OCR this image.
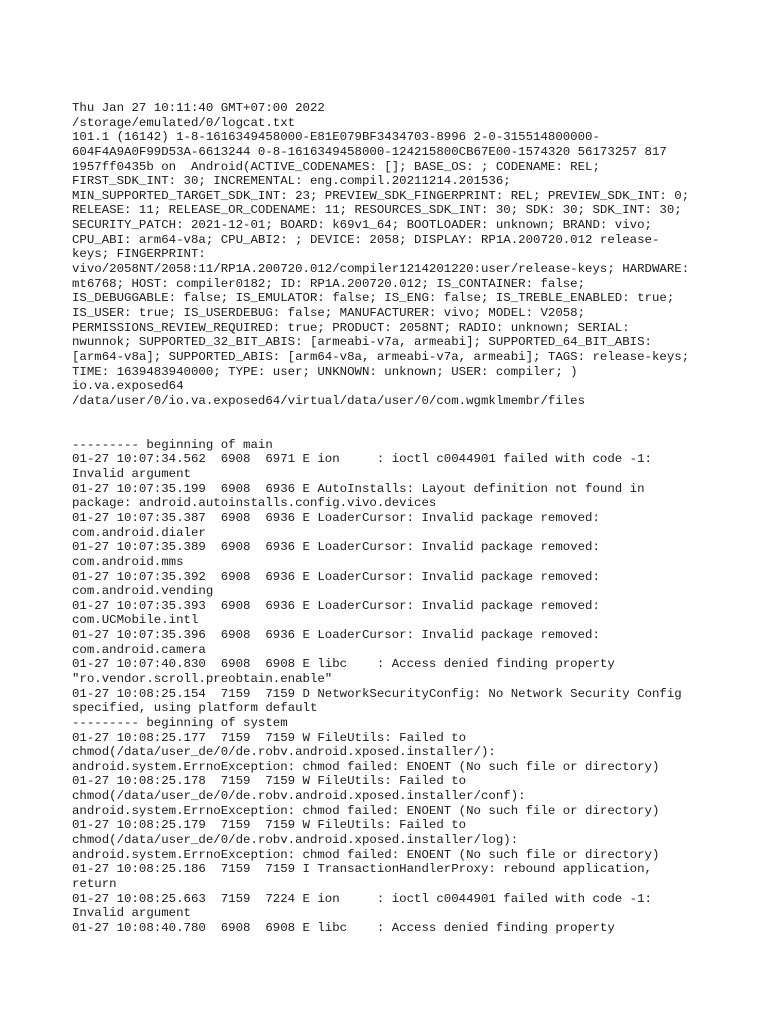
Thu Jan 27 10:11:40 GMT+07:00 2022
/storage/emulated/0/logcat.txt
101.1 (16142) 1-8-1616349458000-E81E079BF3434703-8996 2-0-315514800000-
604F4A9A0F99D53A-6613244 0-8-1616349458000-124215800CB67E00-1574320 56173257 817
1957ff0435b on  Android(ACTIVE_CODENAMES: []; BASE_OS: ; CODENAME: REL;
FIRST_SDK_INT: 30; INCREMENTAL: eng.compil.20211214.201536;
MIN_SUPPORTED_TARGET_SDK_INT: 23; PREVIEW_SDK_FINGERPRINT: REL; PREVIEW_SDK_INT: 0;
RELEASE: 11; RELEASE_OR_CODENAME: 11; RESOURCES_SDK_INT: 30; SDK: 30; SDK_INT: 30;
SECURITY_PATCH: 2021-12-01; BOARD: k69v1_64; BOOTLOADER: unknown; BRAND: vivo;
CPU_ABI: arm64-v8a; CPU_ABI2: ; DEVICE: 2058; DISPLAY: RP1A.200720.012 release-
keys; FINGERPRINT:
vivo/2058NT/2058:11/RP1A.200720.012/compiler1214201220:user/release-keys; HARDWARE:
mt6768; HOST: compiler0182; ID: RP1A.200720.012; IS_CONTAINER: false;
IS_DEBUGGABLE: false; IS_EMULATOR: false; IS_ENG: false; IS_TREBLE_ENABLED: true;
IS_USER: true; IS_USERDEBUG: false; MANUFACTURER: vivo; MODEL: V2058;
PERMISSIONS_REVIEW_REQUIRED: true; PRODUCT: 2058NT; RADIO: unknown; SERIAL:
nwunnok; SUPPORTED_32_BIT_ABIS: [armeabi-v7a, armeabi]; SUPPORTED_64_BIT_ABIS:
[arm64-v8a]; SUPPORTED_ABIS: [arm64-v8a, armeabi-v7a, armeabi]; TAGS: release-keys;
TIME: 1639483940000; TYPE: user; UNKNOWN: unknown; USER: compiler; )
io.va.exposed64
/data/user/0/io.va.exposed64/virtual/data/user/0/com.wgmklmembr/files
--------- beginning of main
01-27 10:07:34.562  6908  6971 E ion     : ioctl c0044901 failed with code -1:
Invalid argument
01-27 10:07:35.199  6908  6936 E AutoInstalls: Layout definition not found in
package: android.autoinstalls.config.vivo.devices
01-27 10:07:35.387  6908  6936 E LoaderCursor: Invalid package removed:
com.android.dialer
01-27 10:07:35.389  6908  6936 E LoaderCursor: Invalid package removed:
com.android.mms
01-27 10:07:35.392  6908  6936 E LoaderCursor: Invalid package removed:
com.android.vending
01-27 10:07:35.393  6908  6936 E LoaderCursor: Invalid package removed:
com.UCMobile.intl
01-27 10:07:35.396  6908  6936 E LoaderCursor: Invalid package removed:
com.android.camera
01-27 10:07:40.830  6908  6908 E libc    : Access denied finding property
"ro.vendor.scroll.preobtain.enable"
01-27 10:08:25.154  7159  7159 D NetworkSecurityConfig: No Network Security Config
specified, using platform default
--------- beginning of system
01-27 10:08:25.177  7159  7159 W FileUtils: Failed to
chmod(/data/user_de/0/de.robv.android.xposed.installer/):
android.system.ErrnoException: chmod failed: ENOENT (No such file or directory)
01-27 10:08:25.178  7159  7159 W FileUtils: Failed to
chmod(/data/user_de/0/de.robv.android.xposed.installer/conf):
android.system.ErrnoException: chmod failed: ENOENT (No such file or directory)
01-27 10:08:25.179  7159  7159 W FileUtils: Failed to
chmod(/data/user_de/0/de.robv.android.xposed.installer/log):
android.system.ErrnoException: chmod failed: ENOENT (No such file or directory)
01-27 10:08:25.186  7159  7159 I TransactionHandlerProxy: rebound application,
return
01-27 10:08:25.663  7159  7224 E ion     : ioctl c0044901 failed with code -1:
Invalid argument
01-27 10:08:40.780  6908  6908 E libc    : Access denied finding property
